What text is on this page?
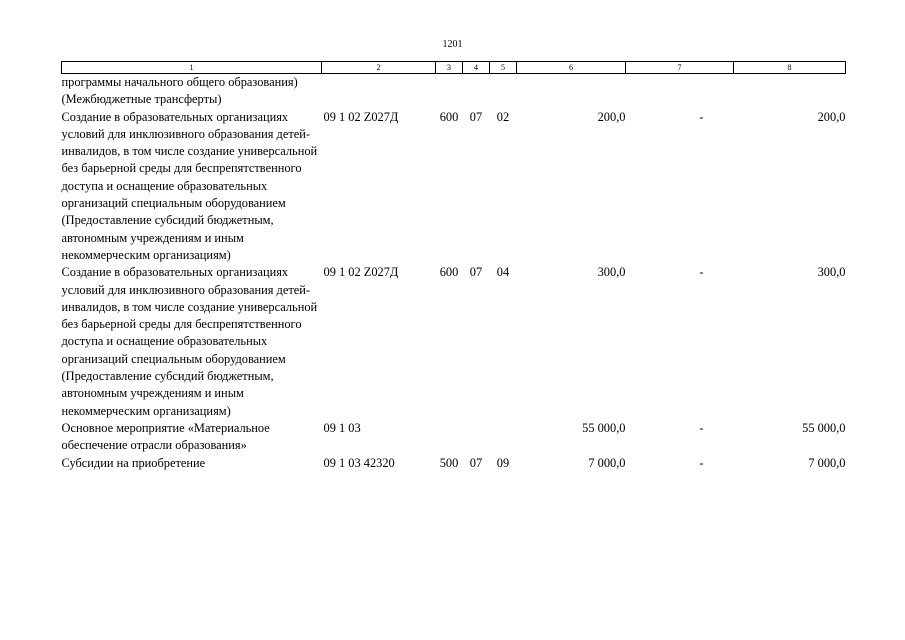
1201
1	2	3	4	5	6	7	8
программы начального общего образования) (Межбюджетные трансферты)							
Создание в образовательных организациях условий для инклюзивного образования детей-инвалидов, в том числе создание универсальной без барьерной среды для беспрепятственного доступа и оснащение образовательных организаций специальным оборудованием (Предоставление субсидий бюджетным, автономным учреждениям и иным некоммерческим организациям)	09 1 02 Z027Д	600	07	02	200,0	-	200,0
Создание в образовательных организациях условий для инклюзивного образования детей-инвалидов, в том числе создание универсальной без барьерной среды для беспрепятственного доступа и оснащение образовательных организаций специальным оборудованием (Предоставление субсидий бюджетным, автономным учреждениям и иным некоммерческим организациям)	09 1 02 Z027Д	600	07	04	300,0	-	300,0
Основное мероприятие «Материальное обеспечение отрасли образования»	09 1 03				55 000,0	-	55 000,0
Субсидии на приобретение	09 1 03 42320	500	07	09	7 000,0	-	7 000,0
